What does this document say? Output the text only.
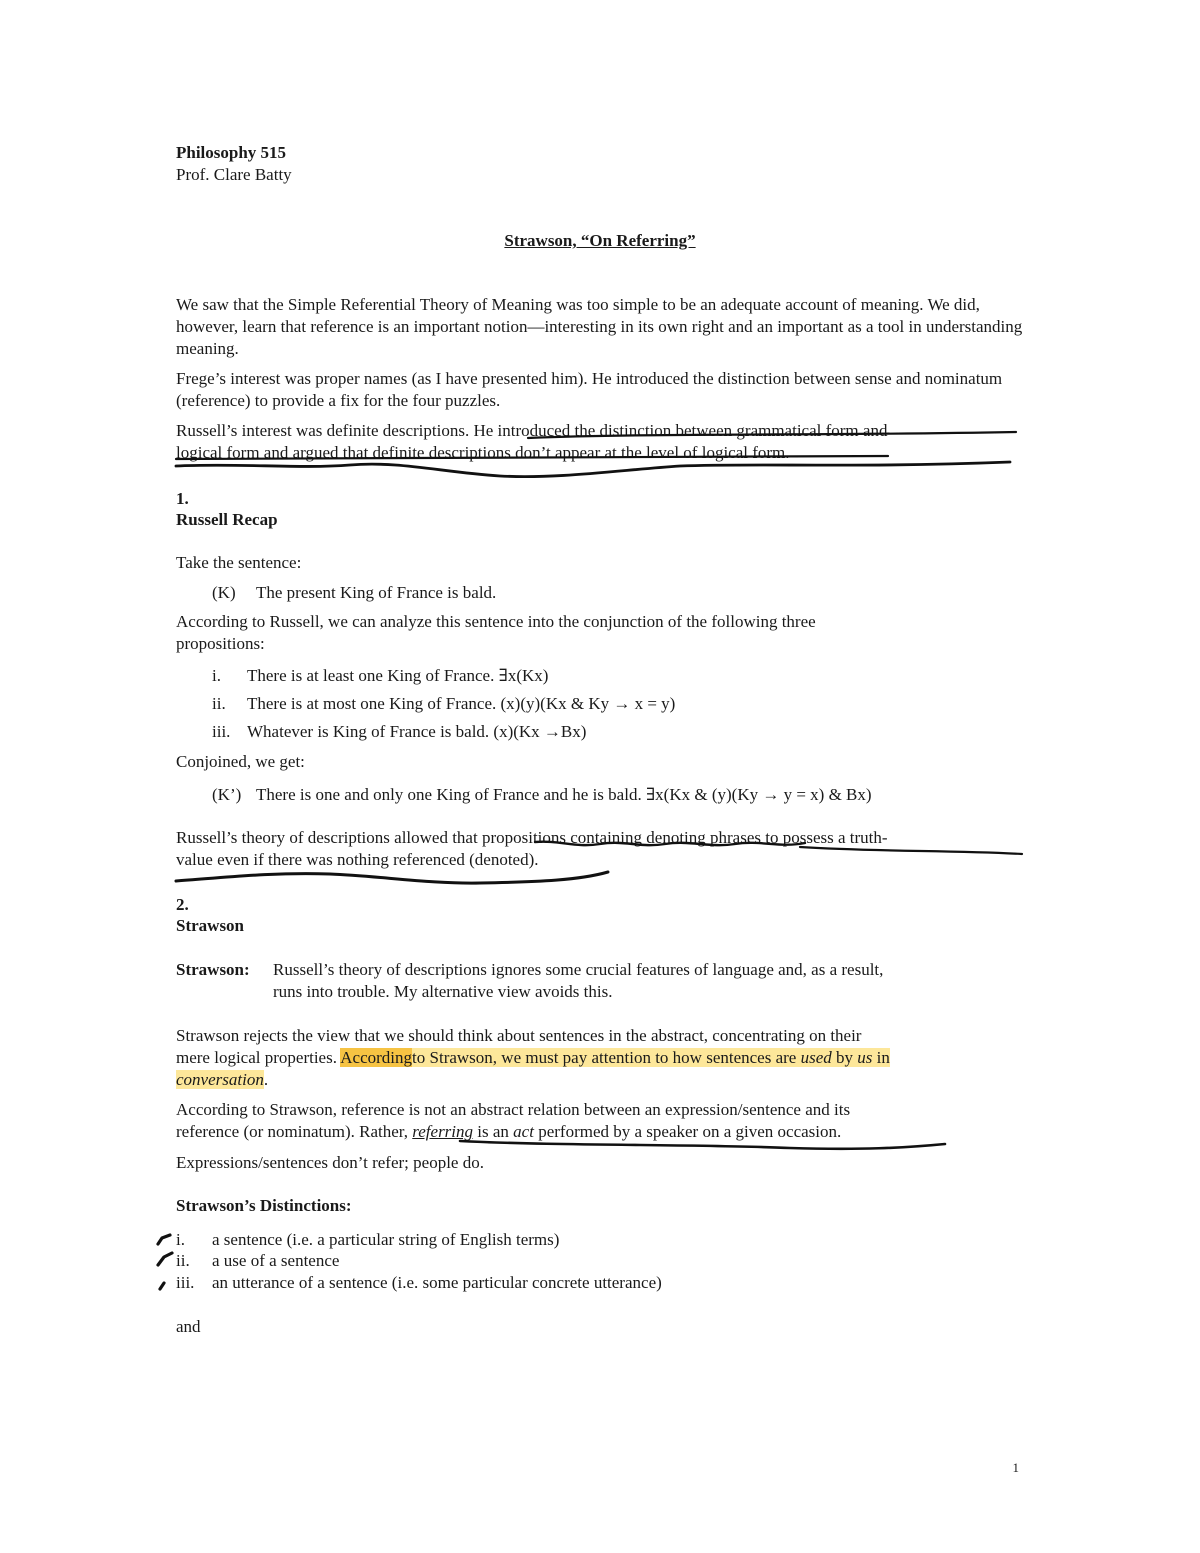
Philosophy 515

Prof. Clare Batty

Strawson, “On Referring”

We saw that the Simple Referential Theory of Meaning was too simple to be an adequate account of meaning. We did, however, learn that reference is an important notion—interesting in its own right and an important as a tool in understanding meaning.

Frege’s interest was proper names (as I have presented him). He introduced the distinction between sense and nominatum (reference) to provide a fix for the four puzzles.

Russell’s interest was definite descriptions. He introduced the distinction between grammatical form and

logical form and argued that definite descriptions don’t appear at the level of logical form.

1.

Russell Recap

Take the sentence:

(K) The present King of France is bald.

According to Russell, we can analyze this sentence into the conjunction of the following three

propositions:

i. There is at least one King of France. ∃x(Kx)
ii. There is at most one King of France. (x)(y)(Kx & Ky → x = y)
iii. Whatever is King of France is bald. (x)(Kx →Bx)

Conjoined, we get:

(K’) There is one and only one King of France and he is bald. ∃x(Kx & (y)(Ky → y = x) & Bx)

Russell’s theory of descriptions allowed that propositions containing denoting phrases to possess a truth-

value even if there was nothing referenced (denoted).

2.

Strawson

Strawson: Russell’s theory of descriptions ignores some crucial features of language and, as a result,

runs into trouble. My alternative view avoids this.

Strawson rejects the view that we should think about sentences in the abstract, concentrating on their

mere logical properties. Accordingto Strawson, we must pay attention to how sentences are used by us in

conversation.

According to Strawson, reference is not an abstract relation between an expression/sentence and its

reference (or nominatum). Rather, referring is an act performed by a speaker on a given occasion.

Expressions/sentences don’t refer; people do.

Strawson’s Distinctions:

i. a sentence (i.e. a particular string of English terms)
ii. a use of a sentence
iii. an utterance of a sentence (i.e. some particular concrete utterance)

and

1
